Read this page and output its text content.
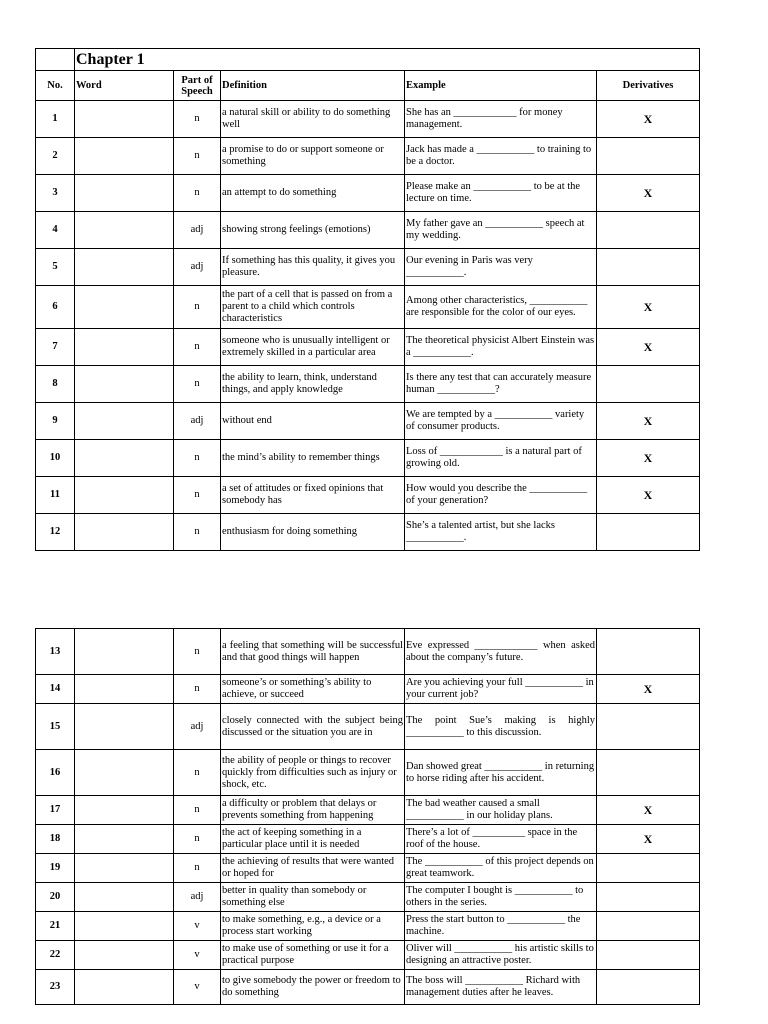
	Chapter 1				
No.	Word	Part of Speech	Definition	Example	Derivatives
1		n	a natural skill or ability to do something well	She has an ____________ for money management.	X
2		n	a promise to do or support someone or something	Jack has made a ___________ to training to be a doctor.	
3		n	an attempt to do something	Please make an ___________ to be at the lecture on time.	X
4		adj	showing strong feelings (emotions)	My father gave an ___________ speech at my wedding.	
5		adj	If something has this quality, it gives you pleasure.	Our evening in Paris was very ___________.	
6		n	the part of a cell that is passed on from a parent to a child which controls characteristics	Among other characteristics, ___________ are responsible for the color of our eyes.	X
7		n	someone who is unusually intelligent or extremely skilled in a particular area	The theoretical physicist Albert Einstein was a ___________.	X
8		n	the ability to learn, think, understand things, and apply knowledge	Is there any test that can accurately measure human ___________?	
9		adj	without end	We are tempted by a ___________ variety of consumer products.	X
10		n	the mind’s ability to remember things	Loss of ____________ is a natural part of growing old.	X
11		n	a set of attitudes or fixed opinions that somebody has	How would you describe the ___________ of your generation?	X
12		n	enthusiasm for doing something	She’s a talented artist, but she lacks ___________.	
13		n	a feeling that something will be successful and that good things will happen	Eve expressed ____________ when asked about the company’s future.	
14		n	someone’s or something’s ability to achieve, or succeed	Are you achieving your full ___________ in your current job?	X
15		adj	closely connected with the subject being discussed or the situation you are in	The point Sue’s making is highly ___________ to this discussion.	
16		n	the ability of people or things to recover quickly from difficulties such as injury or shock, etc.	Dan showed great ___________ in returning to horse riding after his accident.	
17		n	a difficulty or problem that delays or prevents something from happening	The bad weather caused a small ___________ in our holiday plans.	X
18		n	the act of keeping something in a particular place until it is needed	There’s a lot of __________ space in the roof of the house.	X
19		n	the achieving of results that were wanted or hoped for	The ___________ of this project depends on great teamwork.	
20		adj	better in quality than somebody or something else	The computer I bought is ___________ to others in the series.	
21		v	to make something, e.g., a device or a process start working	Press the start button to ___________ the machine.	
22		v	to make use of something or use it for a practical purpose	Oliver will ___________ his artistic skills to designing an attractive poster.	
23		v	to give somebody the power or freedom to do something	The boss will ___________ Richard with management duties after he leaves.	
